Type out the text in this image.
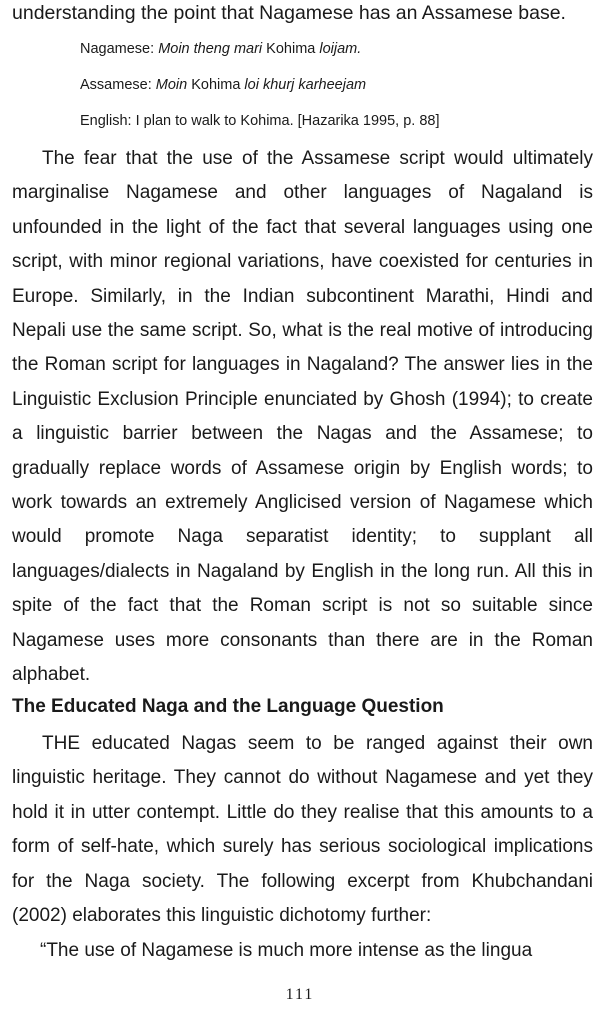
understanding the point that Nagamese has an Assamese base.
Nagamese: Moin theng mari Kohima loijam.
Assamese: Moin Kohima loi khurj karheejam
English: I plan to walk to Kohima. [Hazarika 1995, p. 88]

The fear that the use of the Assamese script would ultimately marginalise Nagamese and other languages of Nagaland is unfounded in the light of the fact that several languages using one script, with minor regional variations, have coexisted for centuries in Europe. Similarly, in the Indian subcontinent Marathi, Hindi and Nepali use the same script. So, what is the real motive of introducing the Roman script for languages in Nagaland? The answer lies in the Linguistic Exclusion Principle enunciated by Ghosh (1994); to create a linguistic barrier between the Nagas and the Assamese; to gradually replace words of Assamese origin by English words; to work towards an extremely Anglicised version of Nagamese which would promote Naga separatist identity; to supplant all languages/dialects in Nagaland by English in the long run. All this in spite of the fact that the Roman script is not so suitable since Nagamese uses more consonants than there are in the Roman alphabet.

The Educated Naga and the Language Question

THE educated Nagas seem to be ranged against their own linguistic heritage. They cannot do without Nagamese and yet they hold it in utter contempt. Little do they realise that this amounts to a form of self-hate, which surely has serious sociological implications for the Naga society. The following excerpt from Khubchandani (2002) elaborates this linguistic dichotomy further:

“The use of Nagamese is much more intense as the lingua
111
